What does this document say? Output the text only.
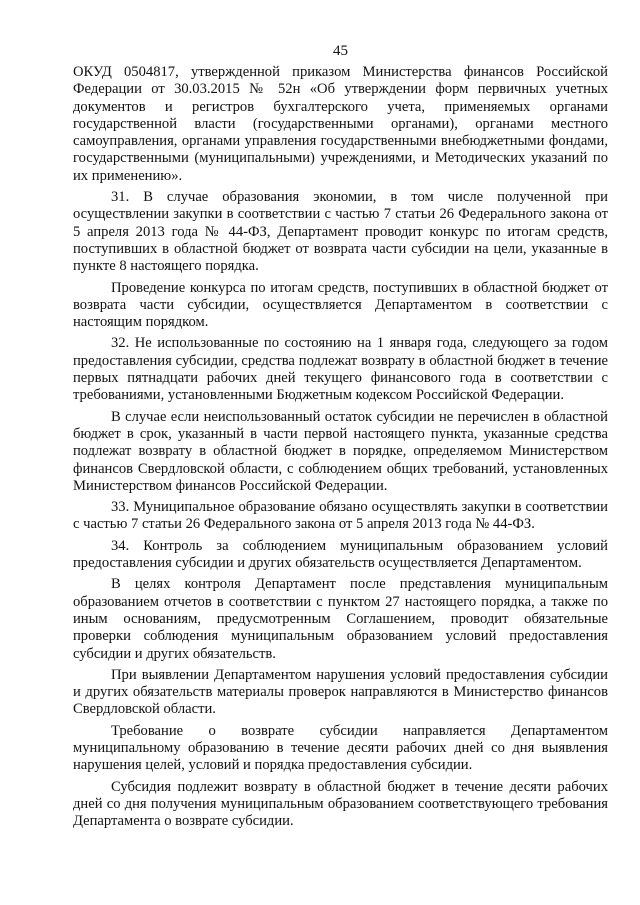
45

ОКУД 0504817, утвержденной приказом Министерства финансов Российской Федерации от 30.03.2015 № 52н «Об утверждении форм первичных учетных документов и регистров бухгалтерского учета, применяемых органами государственной власти (государственными органами), органами местного самоуправления, органами управления государственными внебюджетными фондами, государственными (муниципальными) учреждениями, и Методических указаний по их применению».

31. В случае образования экономии, в том числе полученной при осуществлении закупки в соответствии с частью 7 статьи 26 Федерального закона от 5 апреля 2013 года № 44-ФЗ, Департамент проводит конкурс по итогам средств, поступивших в областной бюджет от возврата части субсидии на цели, указанные в пункте 8 настоящего порядка.

Проведение конкурса по итогам средств, поступивших в областной бюджет от возврата части субсидии, осуществляется Департаментом в соответствии с настоящим порядком.

32. Не использованные по состоянию на 1 января года, следующего за годом предоставления субсидии, средства подлежат возврату в областной бюджет в течение первых пятнадцати рабочих дней текущего финансового года в соответствии с требованиями, установленными Бюджетным кодексом Российской Федерации.

В случае если неиспользованный остаток субсидии не перечислен в областной бюджет в срок, указанный в части первой настоящего пункта, указанные средства подлежат возврату в областной бюджет в порядке, определяемом Министерством финансов Свердловской области, с соблюдением общих требований, установленных Министерством финансов Российской Федерации.

33. Муниципальное образование обязано осуществлять закупки в соответствии с частью 7 статьи 26 Федерального закона от 5 апреля 2013 года № 44-ФЗ.

34. Контроль за соблюдением муниципальным образованием условий предоставления субсидии и других обязательств осуществляется Департаментом.

В целях контроля Департамент после представления муниципальным образованием отчетов в соответствии с пунктом 27 настоящего порядка, а также по иным основаниям, предусмотренным Соглашением, проводит обязательные проверки соблюдения муниципальным образованием условий предоставления субсидии и других обязательств.

При выявлении Департаментом нарушения условий предоставления субсидии и других обязательств материалы проверок направляются в Министерство финансов Свердловской области.

Требование о возврате субсидии направляется Департаментом муниципальному образованию в течение десяти рабочих дней со дня выявления нарушения целей, условий и порядка предоставления субсидии.

Субсидия подлежит возврату в областной бюджет в течение десяти рабочих дней со дня получения муниципальным образованием соответствующего требования Департамента о возврате субсидии.
